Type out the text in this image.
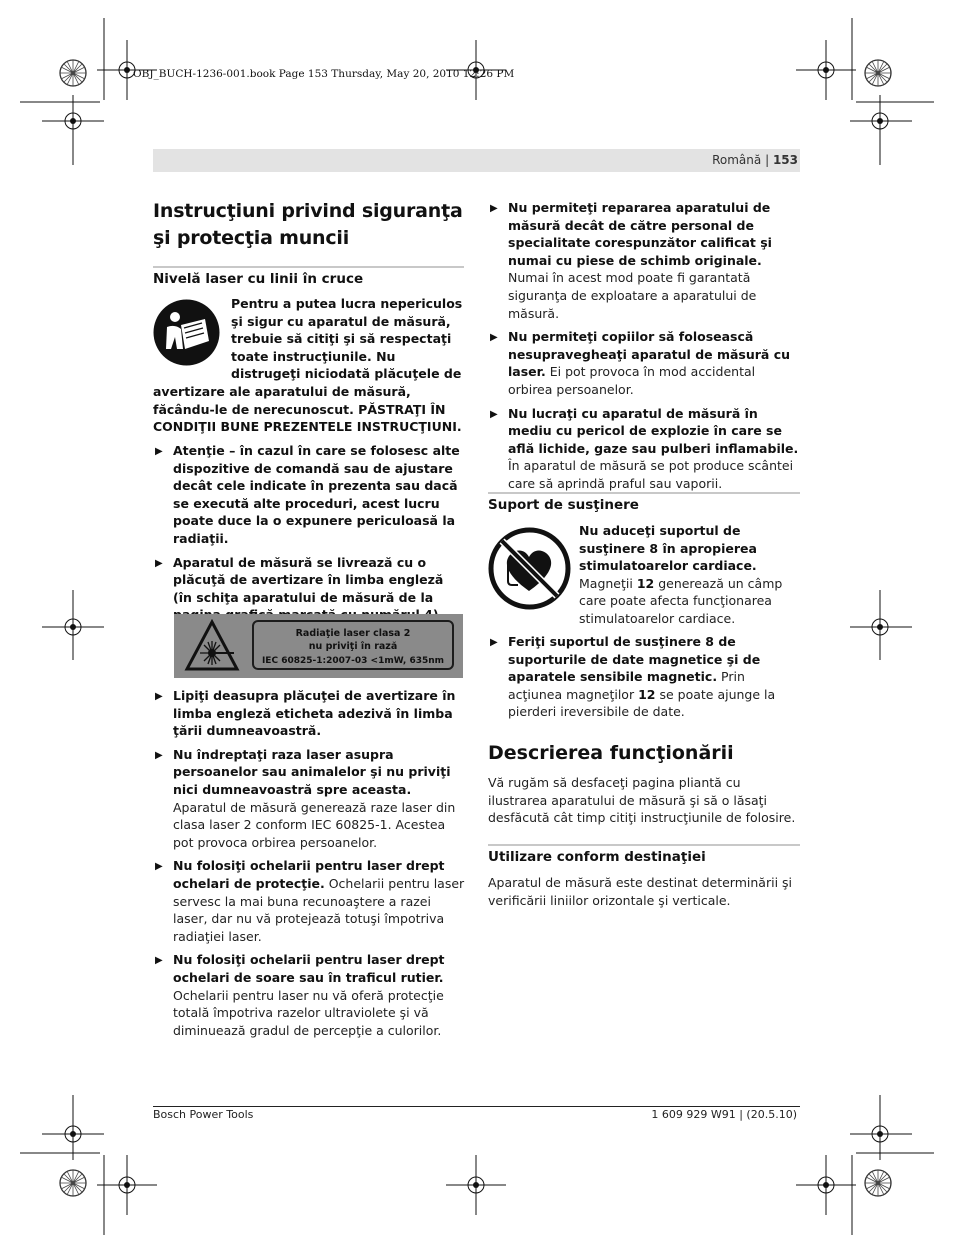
OBJ_BUCH-1236-001.book Page 153 Thursday, May 20, 2010 12:26 PM
Română | 153
Instrucţiuni privind siguranţa şi protecţia muncii
Nivelă laser cu linii în cruce
Pentru a putea lucra nepericulos şi sigur cu aparatul de măsură, trebuie să citiţi şi să respectaţi toate instrucţiunile. Nu distrugeţi niciodată plăcuţele de avertizare ale aparatului de măsură, făcându-le de nerecunoscut. PĂSTRAŢI ÎN CONDIŢII BUNE PREZENTELE INSTRUCŢIUNI.
▶ Atenţie – în cazul în care se folosesc alte dispozitive de comandă sau de ajustare decât cele indicate în prezenta sau dacă se execută alte proceduri, acest lucru poate duce la o expunere periculoasă la radiaţii.
▶ Aparatul de măsură se livrează cu o plăcuţă de avertizare în limba engleză (în schiţa aparatului de măsură de la
Radiaţie laser clasa 2
nu priviţi în rază
IEC 60825-1:2007-03 <1mW, 635nm
▶ Lipiţi deasupra plăcuţei de avertizare în limba engleză eticheta adezivă în limba ţării dumneavoastră.
▶ Nu îndreptaţi raza laser asupra persoanelor sau animalelor şi nu priviţi nici dumneavoastră spre aceasta. Aparatul de măsură generează raze laser din clasa laser 2 conform IEC 60825-1. Acestea pot provoca orbirea persoanelor.
▶ Nu folosiţi ochelarii pentru laser drept ochelari de protecţie. Ochelarii pentru laser servesc la mai buna recunoaştere a razei laser, dar nu vă protejează totuşi împotriva radiaţiei laser.
▶ Nu folosiţi ochelarii pentru laser drept ochelari de soare sau în traficul rutier. Ochelarii pentru laser nu vă oferă protecţie totală împotriva razelor ultraviolete şi vă diminuează gradul de percepţie a culorilor.
▶ Nu permiteţi repararea aparatului de măsură decât de către personal de specialitate corespunzător calificat şi numai cu piese de schimb originale. Numai în acest mod poate fi garantată siguranţa de exploatare a aparatului de măsură.
▶ Nu permiteţi copiilor să folosească nesupravegheaţi aparatul de măsură cu laser. Ei pot provoca în mod accidental orbirea persoanelor.
▶ Nu lucraţi cu aparatul de măsură în mediu cu pericol de explozie în care se află lichide, gaze sau pulberi inflamabile. În aparatul de măsură se pot produce scântei care să aprindă praful sau vaporii.
Suport de susţinere
Nu aduceţi suportul de susţinere 8 în apropierea stimulatoarelor cardiace. Magneţii 12 generează un câmp care poate afecta funcţionarea stimulatoarelor cardiace.
▶ Feriţi suportul de susţinere 8 de suporturile de date magnetice şi de aparatele sensibile magnetic. Prin acţiunea magneţilor 12 se poate ajunge la pierderi ireversibile de date.
Descrierea funcţionării
Vă rugăm să desfaceţi pagina pliantă cu ilustrarea aparatului de măsură şi să o lăsaţi desfăcută cât timp citiţi instrucţiunile de folosire.
Utilizare conform destinaţiei
Aparatul de măsură este destinat determinării şi verificării liniilor orizontale şi verticale.
Bosch Power Tools	1 609 929 W91 | (20.5.10)
